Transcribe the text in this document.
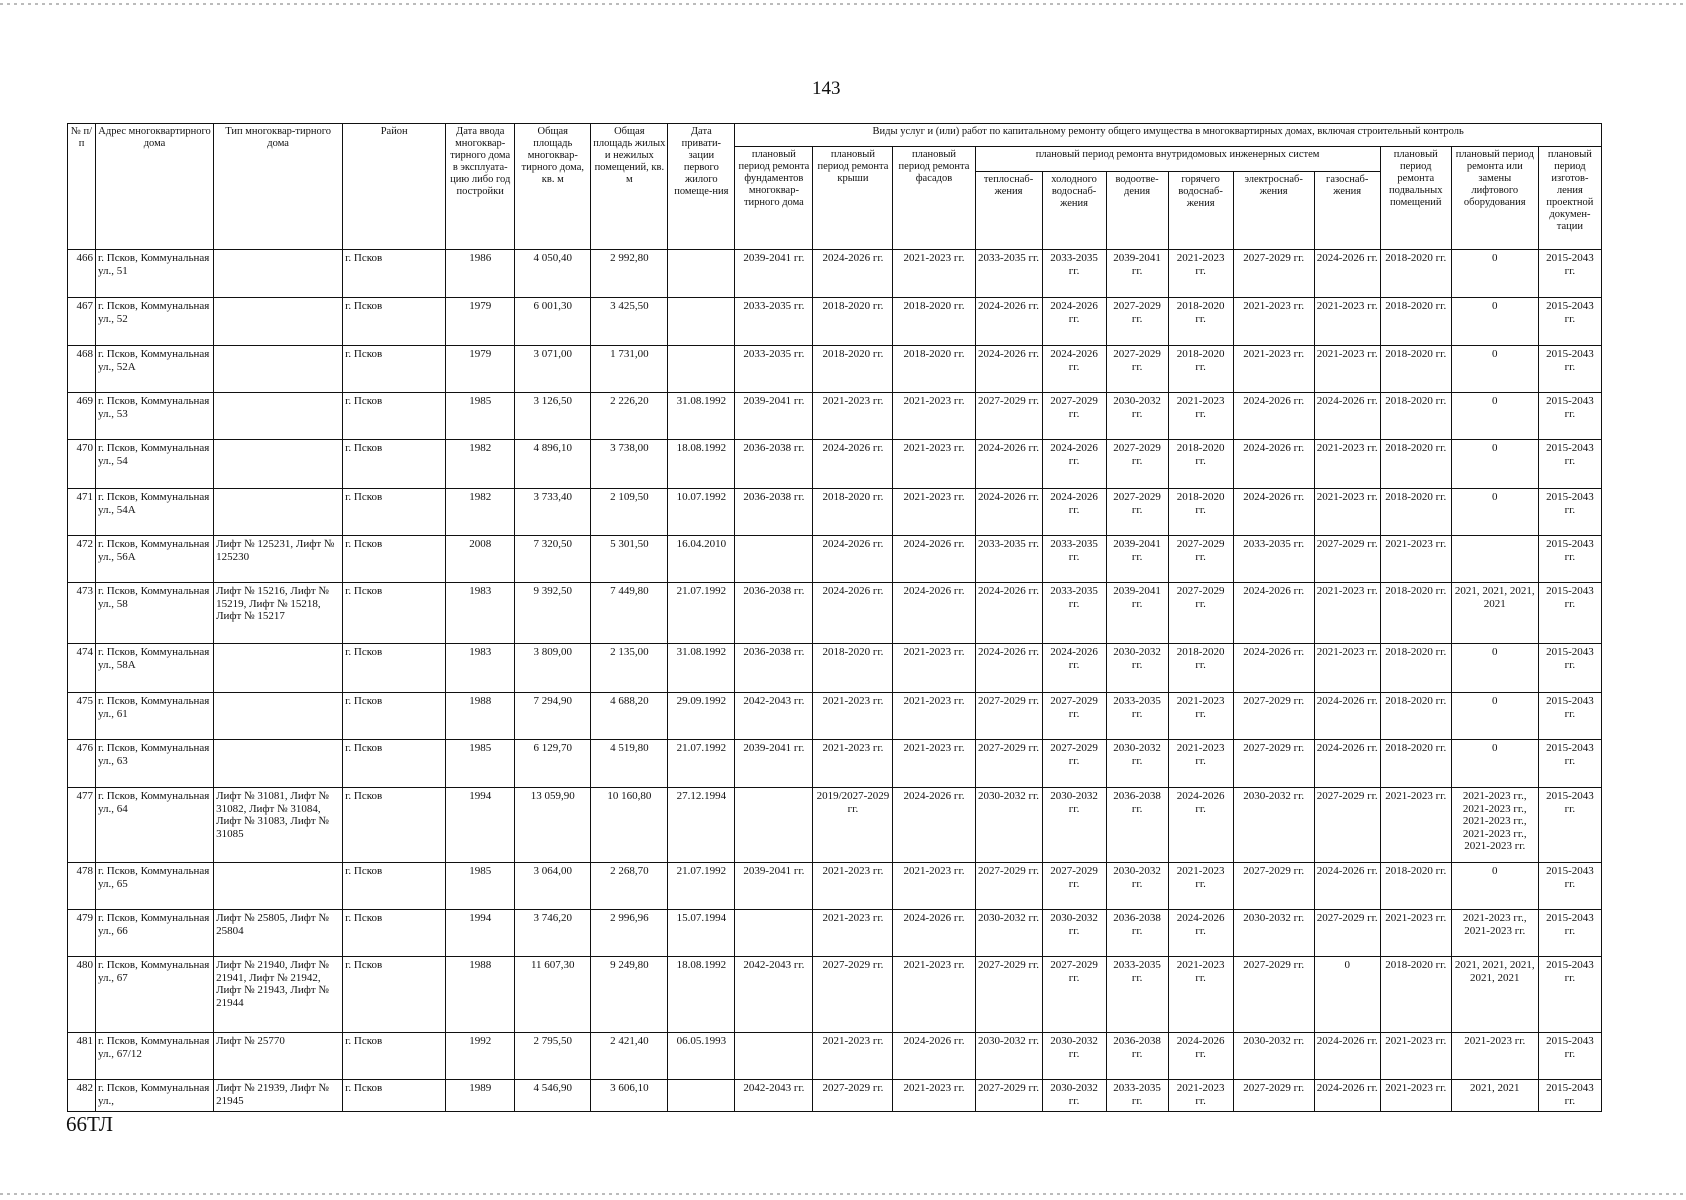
143
№ п/п	Адрес многоквартирного дома	Тип многоквар-тирного дома	Район	Дата ввода многоквар-тирного дома в эксплуата-цию либо год постройки	Общая площадь многоквар-тирного дома, кв. м	Общая площадь жилых и нежилых помещений, кв. м	Дата привати-зации первого жилого помеще-ния	Виды услуг и (или) работ по капитальному ремонту общего имущества в многоквартирных домах, включая строительный контроль											
								плановый период ремонта фундаментов многоквар-тирного дома	плановый период ремонта крыши	плановый период ремонта фасадов	плановый период ремонта внутридомовых инженерных систем						плановый период ремонта подвальных помещений	плановый период ремонта или замены лифтового оборудования	плановый период изготов-ления проектной докумен-тации
											теплоснаб-жения	холодного водоснаб-жения	водоотве-дения	горячего водоснаб-жения	электроснаб-жения	газоснаб-жения			
466	г. Псков, Коммунальная ул., 51		г. Псков	1986	4 050,40	2 992,80		2039-2041 гг.	2024-2026 гг.	2021-2023 гг.	2033-2035 гг.	2033-2035 гг.	2039-2041 гг.	2021-2023 гг.	2027-2029 гг.	2024-2026 гг.	2018-2020 гг.	0	2015-2043 гг.
467	г. Псков, Коммунальная ул., 52		г. Псков	1979	6 001,30	3 425,50		2033-2035 гг.	2018-2020 гг.	2018-2020 гг.	2024-2026 гг.	2024-2026 гг.	2027-2029 гг.	2018-2020 гг.	2021-2023 гг.	2021-2023 гг.	2018-2020 гг.	0	2015-2043 гг.
468	г. Псков, Коммунальная ул., 52А		г. Псков	1979	3 071,00	1 731,00		2033-2035 гг.	2018-2020 гг.	2018-2020 гг.	2024-2026 гг.	2024-2026 гг.	2027-2029 гг.	2018-2020 гг.	2021-2023 гг.	2021-2023 гг.	2018-2020 гг.	0	2015-2043 гг.
469	г. Псков, Коммунальная ул., 53		г. Псков	1985	3 126,50	2 226,20	31.08.1992	2039-2041 гг.	2021-2023 гг.	2021-2023 гг.	2027-2029 гг.	2027-2029 гг.	2030-2032 гг.	2021-2023 гг.	2024-2026 гг.	2024-2026 гг.	2018-2020 гг.	0	2015-2043 гг.
470	г. Псков, Коммунальная ул., 54		г. Псков	1982	4 896,10	3 738,00	18.08.1992	2036-2038 гг.	2024-2026 гг.	2021-2023 гг.	2024-2026 гг.	2024-2026 гг.	2027-2029 гг.	2018-2020 гг.	2024-2026 гг.	2021-2023 гг.	2018-2020 гг.	0	2015-2043 гг.
471	г. Псков, Коммунальная ул., 54А		г. Псков	1982	3 733,40	2 109,50	10.07.1992	2036-2038 гг.	2018-2020 гг.	2021-2023 гг.	2024-2026 гг.	2024-2026 гг.	2027-2029 гг.	2018-2020 гг.	2024-2026 гг.	2021-2023 гг.	2018-2020 гг.	0	2015-2043 гг.
472	г. Псков, Коммунальная ул., 56А	Лифт № 125231, Лифт № 125230	г. Псков	2008	7 320,50	5 301,50	16.04.2010		2024-2026 гг.	2024-2026 гг.	2033-2035 гг.	2033-2035 гг.	2039-2041 гг.	2027-2029 гг.	2033-2035 гг.	2027-2029 гг.	2021-2023 гг.		2015-2043 гг.
473	г. Псков, Коммунальная ул., 58	Лифт № 15216, Лифт № 15219, Лифт № 15218, Лифт № 15217	г. Псков	1983	9 392,50	7 449,80	21.07.1992	2036-2038 гг.	2024-2026 гг.	2024-2026 гг.	2024-2026 гг.	2033-2035 гг.	2039-2041 гг.	2027-2029 гг.	2024-2026 гг.	2021-2023 гг.	2018-2020 гг.	2021, 2021, 2021, 2021	2015-2043 гг.
474	г. Псков, Коммунальная ул., 58А		г. Псков	1983	3 809,00	2 135,00	31.08.1992	2036-2038 гг.	2018-2020 гг.	2021-2023 гг.	2024-2026 гг.	2024-2026 гг.	2030-2032 гг.	2018-2020 гг.	2024-2026 гг.	2021-2023 гг.	2018-2020 гг.	0	2015-2043 гг.
475	г. Псков, Коммунальная ул., 61		г. Псков	1988	7 294,90	4 688,20	29.09.1992	2042-2043 гг.	2021-2023 гг.	2021-2023 гг.	2027-2029 гг.	2027-2029 гг.	2033-2035 гг.	2021-2023 гг.	2027-2029 гг.	2024-2026 гг.	2018-2020 гг.	0	2015-2043 гг.
476	г. Псков, Коммунальная ул., 63		г. Псков	1985	6 129,70	4 519,80	21.07.1992	2039-2041 гг.	2021-2023 гг.	2021-2023 гг.	2027-2029 гг.	2027-2029 гг.	2030-2032 гг.	2021-2023 гг.	2027-2029 гг.	2024-2026 гг.	2018-2020 гг.	0	2015-2043 гг.
477	г. Псков, Коммунальная ул., 64	Лифт № 31081, Лифт № 31082, Лифт № 31084, Лифт № 31083, Лифт № 31085	г. Псков	1994	13 059,90	10 160,80	27.12.1994		2019/2027-2029 гг.	2024-2026 гг.	2030-2032 гг.	2030-2032 гг.	2036-2038 гг.	2024-2026 гг.	2030-2032 гг.	2027-2029 гг.	2021-2023 гг.	2021-2023 гг., 2021-2023 гг., 2021-2023 гг., 2021-2023 гг., 2021-2023 гг.	2015-2043 гг.
478	г. Псков, Коммунальная ул., 65		г. Псков	1985	3 064,00	2 268,70	21.07.1992	2039-2041 гг.	2021-2023 гг.	2021-2023 гг.	2027-2029 гг.	2027-2029 гг.	2030-2032 гг.	2021-2023 гг.	2027-2029 гг.	2024-2026 гг.	2018-2020 гг.	0	2015-2043 гг.
479	г. Псков, Коммунальная ул., 66	Лифт № 25805, Лифт № 25804	г. Псков	1994	3 746,20	2 996,96	15.07.1994		2021-2023 гг.	2024-2026 гг.	2030-2032 гг.	2030-2032 гг.	2036-2038 гг.	2024-2026 гг.	2030-2032 гг.	2027-2029 гг.	2021-2023 гг.	2021-2023 гг., 2021-2023 гг.	2015-2043 гг.
480	г. Псков, Коммунальная ул., 67	Лифт № 21940, Лифт № 21941, Лифт № 21942, Лифт № 21943, Лифт № 21944	г. Псков	1988	11 607,30	9 249,80	18.08.1992	2042-2043 гг.	2027-2029 гг.	2021-2023 гг.	2027-2029 гг.	2027-2029 гг.	2033-2035 гг.	2021-2023 гг.	2027-2029 гг.	0	2018-2020 гг.	2021, 2021, 2021, 2021, 2021	2015-2043 гг.
481	г. Псков, Коммунальная ул., 67/12	Лифт № 25770	г. Псков	1992	2 795,50	2 421,40	06.05.1993		2021-2023 гг.	2024-2026 гг.	2030-2032 гг.	2030-2032 гг.	2036-2038 гг.	2024-2026 гг.	2030-2032 гг.	2024-2026 гг.	2021-2023 гг.	2021-2023 гг.	2015-2043 гг.
482	г. Псков, Коммунальная ул.,	Лифт № 21939, Лифт № 21945	г. Псков	1989	4 546,90	3 606,10		2042-2043 гг.	2027-2029 гг.	2021-2023 гг.	2027-2029 гг.	2030-2032 гг.	2033-2035 гг.	2021-2023 гг.	2027-2029 гг.	2024-2026 гг.	2021-2023 гг.	2021, 2021	2015-2043 гг.
66ТЛ
